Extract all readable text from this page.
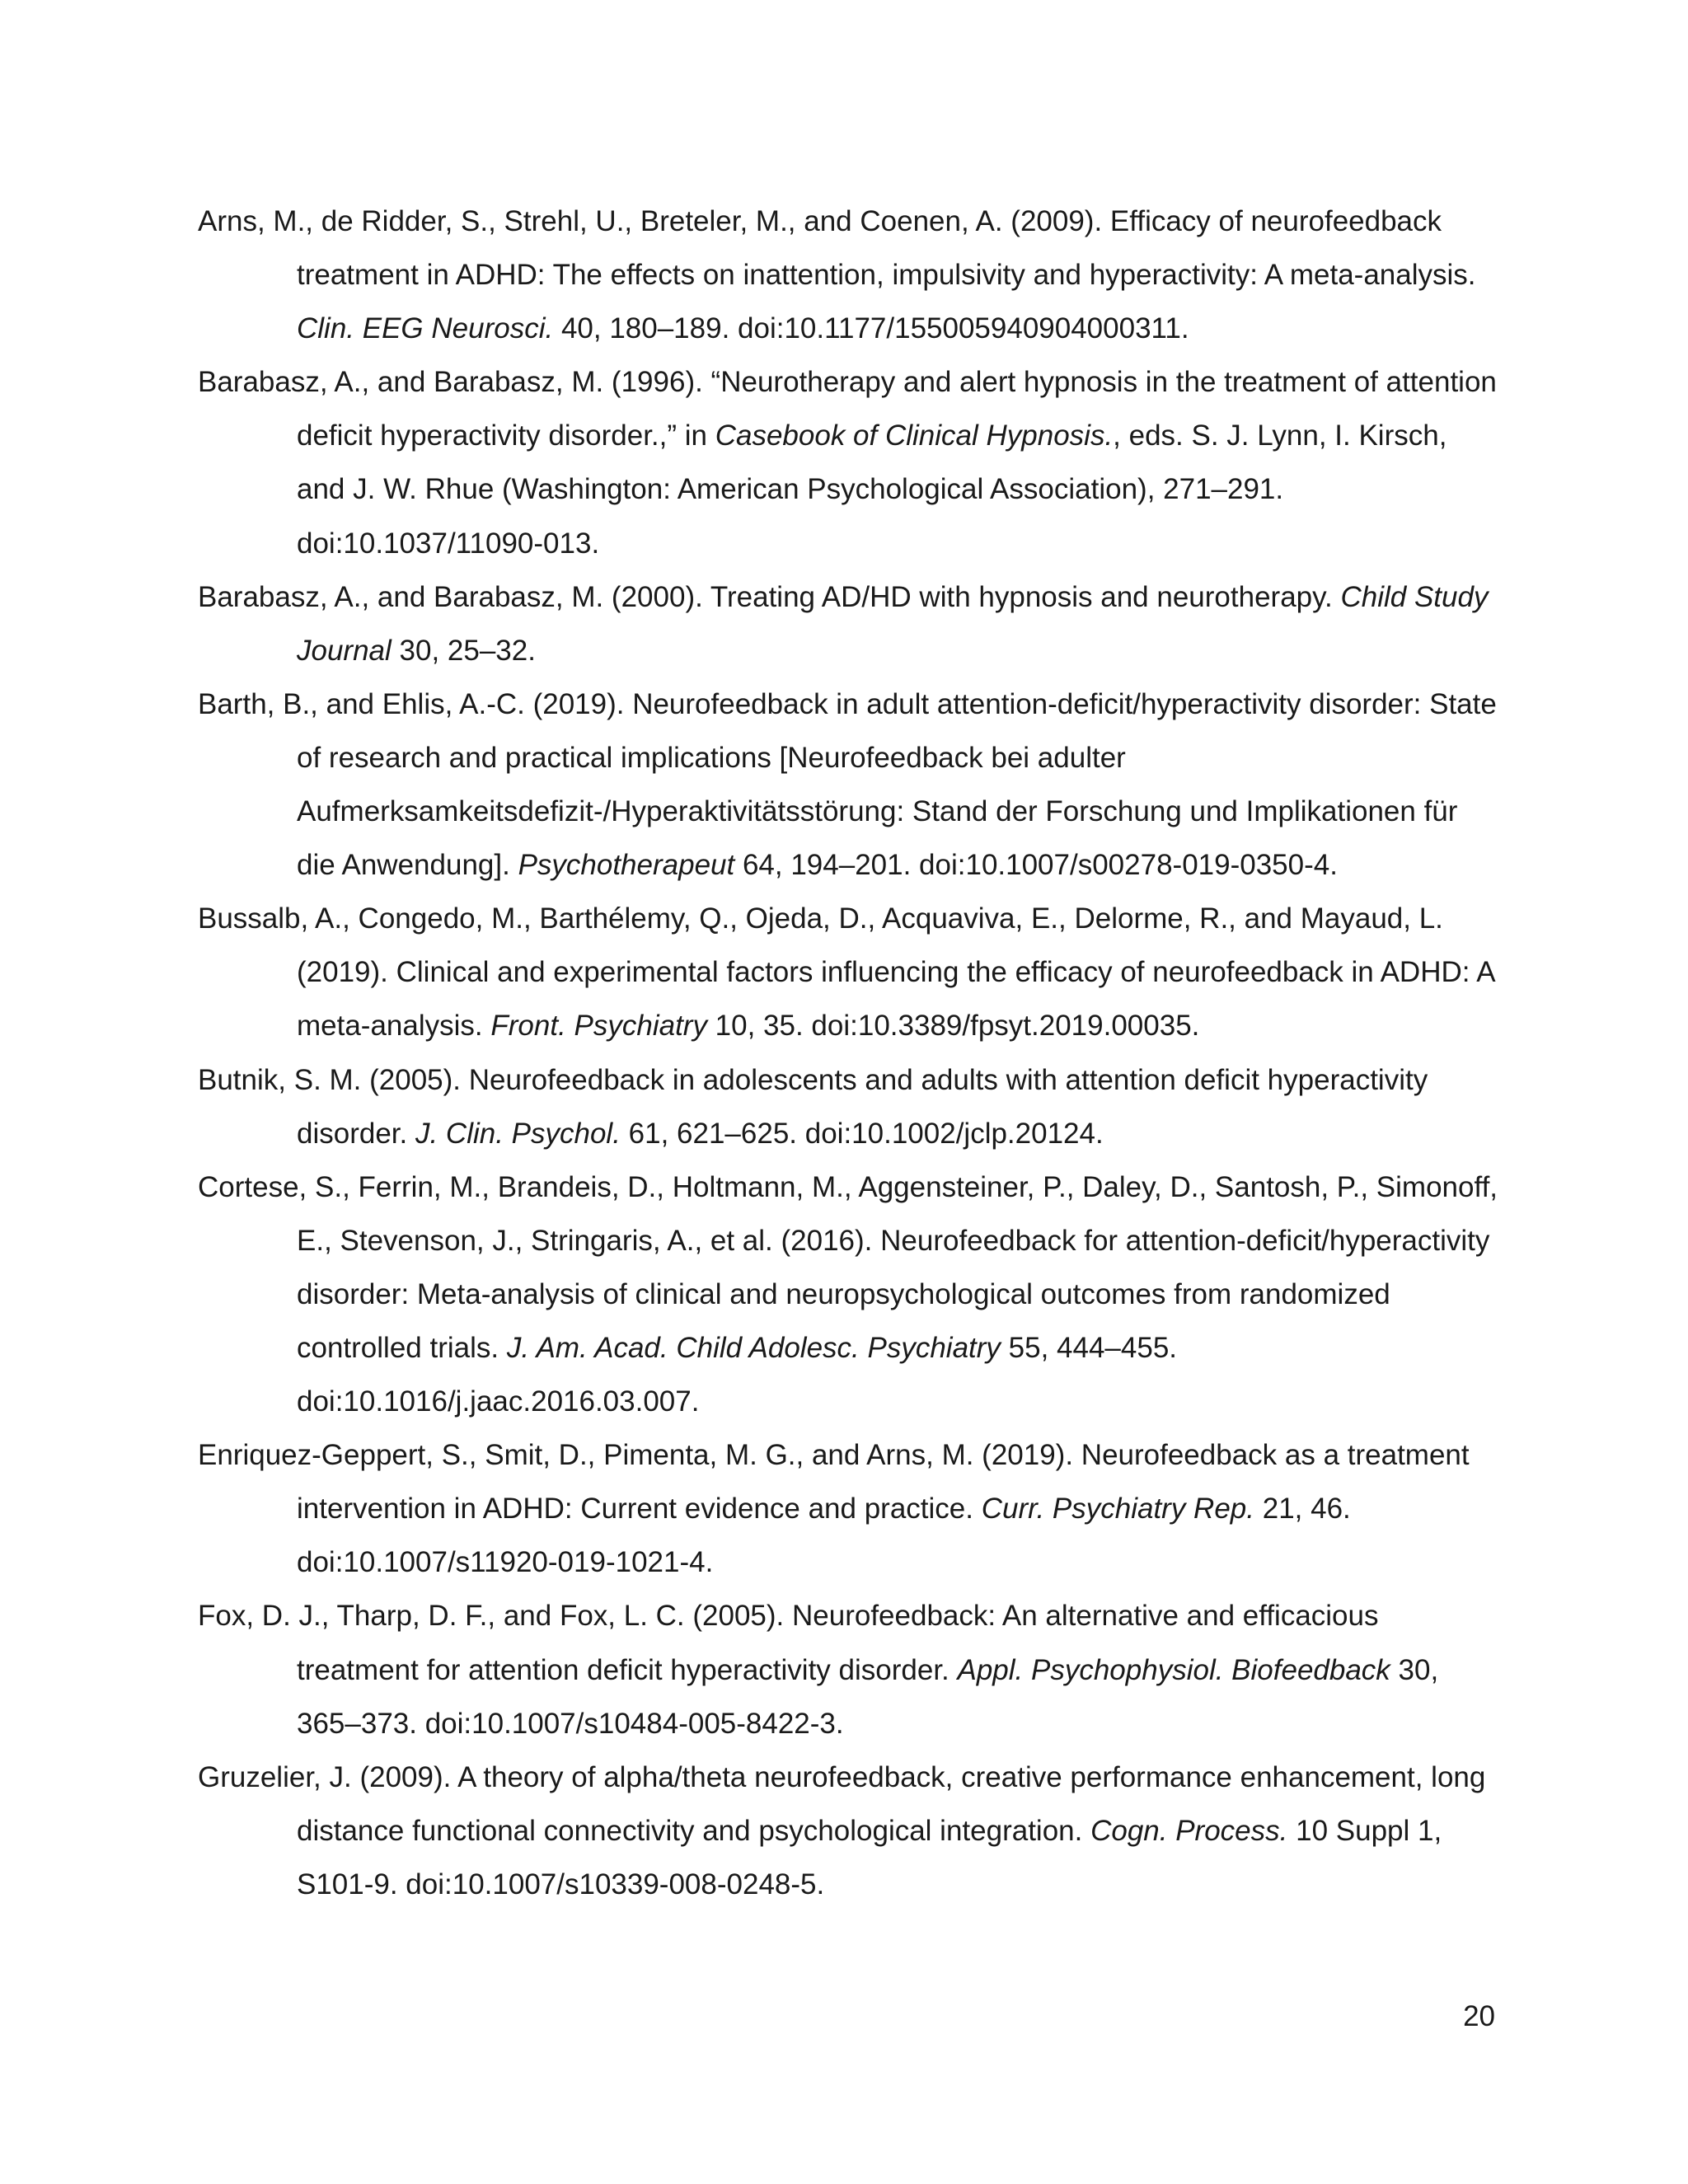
Arns, M., de Ridder, S., Strehl, U., Breteler, M., and Coenen, A. (2009). Efficacy of neurofeedback treatment in ADHD: The effects on inattention, impulsivity and hyperactivity: A meta-analysis. Clin. EEG Neurosci. 40, 180–189. doi:10.1177/155005940904000311.
Barabasz, A., and Barabasz, M. (1996). “Neurotherapy and alert hypnosis in the treatment of attention deficit hyperactivity disorder.,” in Casebook of Clinical Hypnosis., eds. S. J. Lynn, I. Kirsch, and J. W. Rhue (Washington: American Psychological Association), 271–291. doi:10.1037/11090-013.
Barabasz, A., and Barabasz, M. (2000). Treating AD/HD with hypnosis and neurotherapy. Child Study Journal 30, 25–32.
Barth, B., and Ehlis, A.-C. (2019). Neurofeedback in adult attention-deficit/hyperactivity disorder: State of research and practical implications [Neurofeedback bei adulter Aufmerksamkeitsdefizit‑/Hyperaktivitätsstörung: Stand der Forschung und Implikationen für die Anwendung]. Psychotherapeut 64, 194–201. doi:10.1007/s00278-019-0350-4.
Bussalb, A., Congedo, M., Barthélemy, Q., Ojeda, D., Acquaviva, E., Delorme, R., and Mayaud, L. (2019). Clinical and experimental factors influencing the efficacy of neurofeedback in ADHD: A meta-analysis. Front. Psychiatry 10, 35. doi:10.3389/fpsyt.2019.00035.
Butnik, S. M. (2005). Neurofeedback in adolescents and adults with attention deficit hyperactivity disorder. J. Clin. Psychol. 61, 621–625. doi:10.1002/jclp.20124.
Cortese, S., Ferrin, M., Brandeis, D., Holtmann, M., Aggensteiner, P., Daley, D., Santosh, P., Simonoff, E., Stevenson, J., Stringaris, A., et al. (2016). Neurofeedback for attention-deficit/hyperactivity disorder: Meta-analysis of clinical and neuropsychological outcomes from randomized controlled trials. J. Am. Acad. Child Adolesc. Psychiatry 55, 444–455. doi:10.1016/j.jaac.2016.03.007.
Enriquez-Geppert, S., Smit, D., Pimenta, M. G., and Arns, M. (2019). Neurofeedback as a treatment intervention in ADHD: Current evidence and practice. Curr. Psychiatry Rep. 21, 46. doi:10.1007/s11920-019-1021-4.
Fox, D. J., Tharp, D. F., and Fox, L. C. (2005). Neurofeedback: An alternative and efficacious treatment for attention deficit hyperactivity disorder. Appl. Psychophysiol. Biofeedback 30, 365–373. doi:10.1007/s10484-005-8422-3.
Gruzelier, J. (2009). A theory of alpha/theta neurofeedback, creative performance enhancement, long distance functional connectivity and psychological integration. Cogn. Process. 10 Suppl 1, S101-9. doi:10.1007/s10339-008-0248-5.
20
